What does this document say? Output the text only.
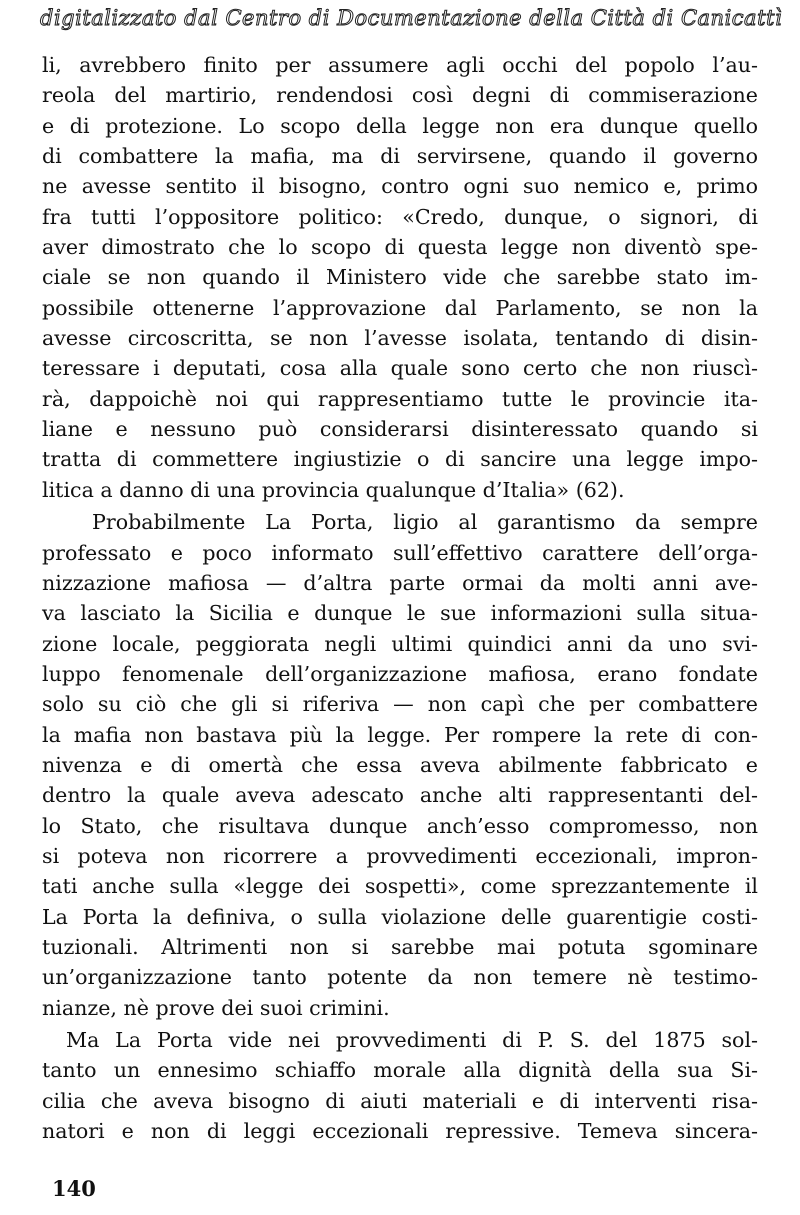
digitalizzato dal Centro di Documentazione della Città di Canicattì
li, avrebbero finito per assumere agli occhi del popolo l’au-
reola del martirio, rendendosi così degni di commiserazione
e di protezione. Lo scopo della legge non era dunque quello
di combattere la mafia, ma di servirsene, quando il governo
ne avesse sentito il bisogno, contro ogni suo nemico e, primo
fra tutti l’oppositore politico: «Credo, dunque, o signori, di
aver dimostrato che lo scopo di questa legge non diventò spe-
ciale se non quando il Ministero vide che sarebbe stato im-
possibile ottenerne l’approvazione dal Parlamento, se non la
avesse circoscritta, se non l’avesse isolata, tentando di disin-
teressare i deputati, cosa alla quale sono certo che non riuscì-
rà, dappoichè noi qui rappresentiamo tutte le provincie ita-
liane e nessuno può considerarsi disinteressato quando si
tratta di commettere ingiustizie o di sancire una legge impo-
litica a danno di una provincia qualunque d’Italia» (62).
Probabilmente La Porta, ligio al garantismo da sempre
professato e poco informato sull’effettivo carattere dell’orga-
nizzazione mafiosa — d’altra parte ormai da molti anni ave-
va lasciato la Sicilia e dunque le sue informazioni sulla situa-
zione locale, peggiorata negli ultimi quindici anni da uno svi-
luppo fenomenale dell’organizzazione mafiosa, erano fondate
solo su ciò che gli si riferiva — non capì che per combattere
la mafia non bastava più la legge. Per rompere la rete di con-
nivenza e di omertà che essa aveva abilmente fabbricato e
dentro la quale aveva adescato anche alti rappresentanti del-
lo Stato, che risultava dunque anch’esso compromesso, non
si poteva non ricorrere a provvedimenti eccezionali, impron-
tati anche sulla «legge dei sospetti», come sprezzantemente il
La Porta la definiva, o sulla violazione delle guarentigie costi-
tuzionali. Altrimenti non si sarebbe mai potuta sgominare
un’organizzazione tanto potente da non temere nè testimo-
nianze, nè prove dei suoi crimini.
Ma La Porta vide nei provvedimenti di P. S. del 1875 sol-
tanto un ennesimo schiaffo morale alla dignità della sua Si-
cilia che aveva bisogno di aiuti materiali e di interventi risa-
natori e non di leggi eccezionali repressive. Temeva sincera-
140
